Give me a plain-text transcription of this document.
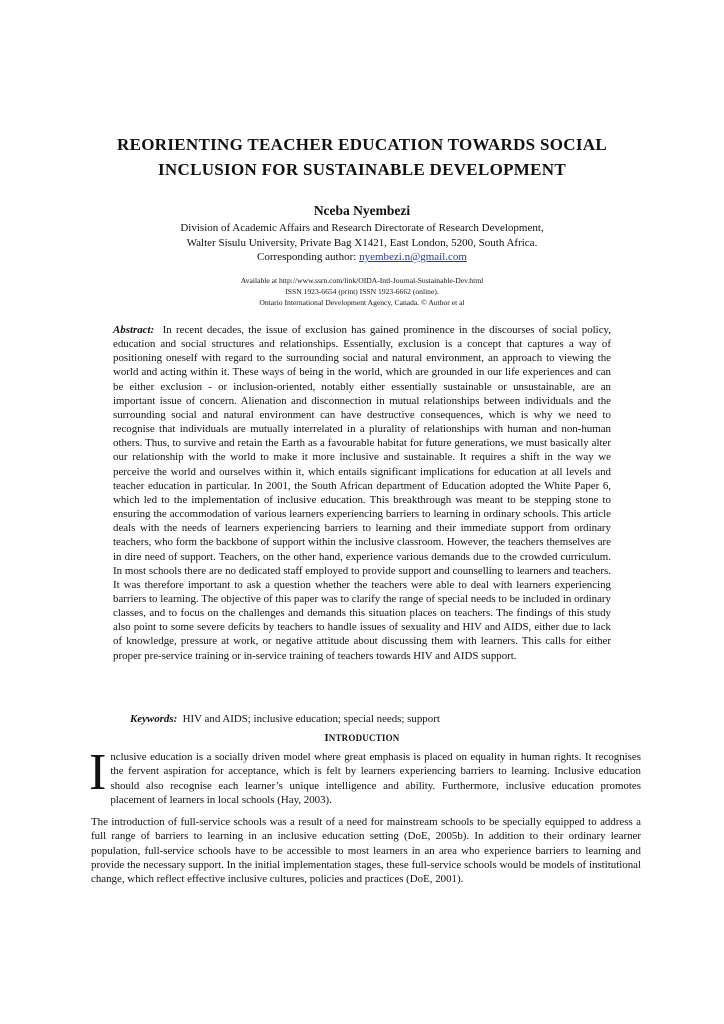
REORIENTING TEACHER EDUCATION TOWARDS SOCIAL
INCLUSION FOR SUSTAINABLE DEVELOPMENT
Nceba Nyembezi
Division of Academic Affairs and Research Directorate of Research Development,
Walter Sisulu University, Private Bag X1421, East London, 5200, South Africa.
Corresponding author: nyembezi.n@gmail.com
Available at http://www.ssrn.com/link/OIDA-Intl-Journal-Sustainable-Dev.html
ISSN 1923-6654 (print) ISSN 1923-6662 (online).
Ontario International Development Agency, Canada. © Author et al
Abstract: In recent decades, the issue of exclusion has gained prominence in the discourses of social policy, education and social structures and relationships. Essentially, exclusion is a concept that captures a way of positioning oneself with regard to the surrounding social and natural environment, an approach to viewing the world and acting within it. These ways of being in the world, which are grounded in our life experiences and can be either exclusion - or inclusion-oriented, notably either essentially sustainable or unsustainable, are an important issue of concern. Alienation and disconnection in mutual relationships between individuals and the surrounding social and natural environment can have destructive consequences, which is why we need to recognise that individuals are mutually interrelated in a plurality of relationships with human and non-human others. Thus, to survive and retain the Earth as a favourable habitat for future generations, we must basically alter our relationship with the world to make it more inclusive and sustainable. It requires a shift in the way we perceive the world and ourselves within it, which entails significant implications for education at all levels and teacher education in particular. In 2001, the South African department of Education adopted the White Paper 6, which led to the implementation of inclusive education. This breakthrough was meant to be stepping stone to ensuring the accommodation of various learners experiencing barriers to learning in ordinary schools. This article deals with the needs of learners experiencing barriers to learning and their immediate support from ordinary teachers, who form the backbone of support within the inclusive classroom. However, the teachers themselves are in dire need of support. Teachers, on the other hand, experience various demands due to the crowded curriculum. In most schools there are no dedicated staff employed to provide support and counselling to learners and teachers. It was therefore important to ask a question whether the teachers were able to deal with learners experiencing barriers to learning. The objective of this paper was to clarify the range of special needs to be included in ordinary classes, and to focus on the challenges and demands this situation places on teachers. The findings of this study also point to some severe deficits by teachers to handle issues of sexuality and HIV and AIDS, either due to lack of knowledge, pressure at work, or negative attitude about discussing them with learners. This calls for either proper pre-service training or in-service training of teachers towards HIV and AIDS support.
Keywords: HIV and AIDS; inclusive education; special needs; support
INTRODUCTION
Inclusive education is a socially driven model where great emphasis is placed on equality in human rights. It recognises the fervent aspiration for acceptance, which is felt by learners experiencing barriers to learning. Inclusive education should also recognise each learner’s unique intelligence and ability. Furthermore, inclusive education promotes placement of learners in local schools (Hay, 2003).
The introduction of full-service schools was a result of a need for mainstream schools to be specially equipped to address a full range of barriers to learning in an inclusive education setting (DoE, 2005b). In addition to their ordinary learner population, full-service schools have to be accessible to most learners in an area who experience barriers to learning and provide the necessary support. In the initial implementation stages, these full-service schools would be models of institutional change, which reflect effective inclusive cultures, policies and practices (DoE, 2001).
